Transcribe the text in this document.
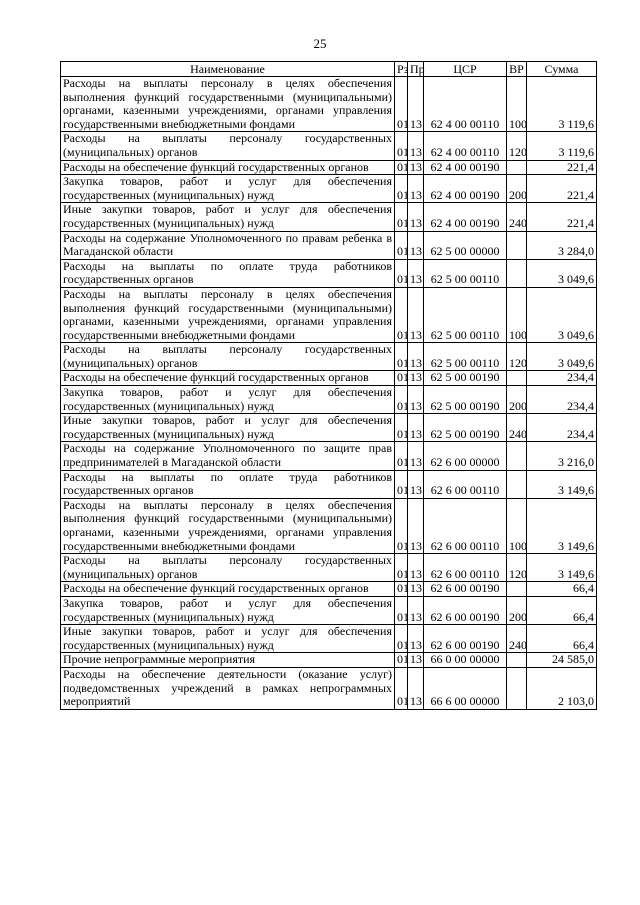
25
Наименование	Рз	Пр	ЦСР	ВР	Сумма
Расходы на выплаты персоналу в целях обеспечения выполнения функций государственными (муниципальными) органами, казенными учреждениями, органами управления государственными внебюджетными фондами	01	13	62 4 00 00110	100	3 119,6
Расходы на выплаты персоналу государственных (муниципальных) органов	01	13	62 4 00 00110	120	3 119,6
Расходы на обеспечение функций государственных органов	01	13	62 4 00 00190		221,4
Закупка товаров, работ и услуг для обеспечения государственных (муниципальных) нужд	01	13	62 4 00 00190	200	221,4
Иные закупки товаров, работ и услуг для обеспечения государственных (муниципальных) нужд	01	13	62 4 00 00190	240	221,4
Расходы на содержание Уполномоченного по правам ребенка в Магаданской области	01	13	62 5 00 00000		3 284,0
Расходы на выплаты по оплате труда работников государственных органов	01	13	62 5 00 00110		3 049,6
Расходы на выплаты персоналу в целях обеспечения выполнения функций государственными (муниципальными) органами, казенными учреждениями, органами управления государственными внебюджетными фондами	01	13	62 5 00 00110	100	3 049,6
Расходы на выплаты персоналу государственных (муниципальных) органов	01	13	62 5 00 00110	120	3 049,6
Расходы на обеспечение функций государственных органов	01	13	62 5 00 00190		234,4
Закупка товаров, работ и услуг для обеспечения государственных (муниципальных) нужд	01	13	62 5 00 00190	200	234,4
Иные закупки товаров, работ и услуг для обеспечения государственных (муниципальных) нужд	01	13	62 5 00 00190	240	234,4
Расходы на содержание Уполномоченного по защите прав предпринимателей в Магаданской области	01	13	62 6 00 00000		3 216,0
Расходы на выплаты по оплате труда работников государственных органов	01	13	62 6 00 00110		3 149,6
Расходы на выплаты персоналу в целях обеспечения выполнения функций государственными (муниципальными) органами, казенными учреждениями, органами управления государственными внебюджетными фондами	01	13	62 6 00 00110	100	3 149,6
Расходы на выплаты персоналу государственных (муниципальных) органов	01	13	62 6 00 00110	120	3 149,6
Расходы на обеспечение функций государственных органов	01	13	62 6 00 00190		66,4
Закупка товаров, работ и услуг для обеспечения государственных (муниципальных) нужд	01	13	62 6 00 00190	200	66,4
Иные закупки товаров, работ и услуг для обеспечения государственных (муниципальных) нужд	01	13	62 6 00 00190	240	66,4
Прочие непрограммные мероприятия	01	13	66 0 00 00000		24 585,0
Расходы на обеспечение деятельности (оказание услуг) подведомственных учреждений в рамках непрограммных мероприятий	01	13	66 6 00 00000		2 103,0
